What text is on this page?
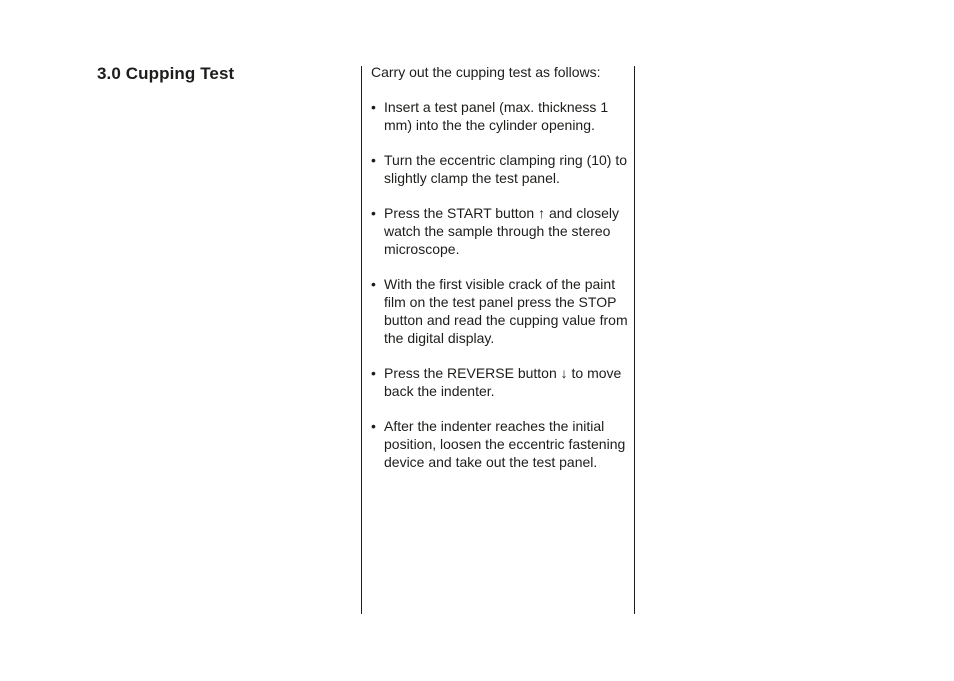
3.0 Cupping Test	Carry out the cupping test as follows:

• Insert a test panel (max. thickness 1 mm) into the the cylinder opening.
• Turn the eccentric clamping ring (10) to slightly clamp the test panel.
• Press the START button ↑ and closely watch the sample through the stereo microscope.
• With the first visible crack of the paint film on the test panel press the STOP button and read the cupping value from the digital display.
• Press the REVERSE button ↓ to move back the indenter.
• After the indenter reaches the initial position, loosen the eccentric fastening device and take out the test panel.
